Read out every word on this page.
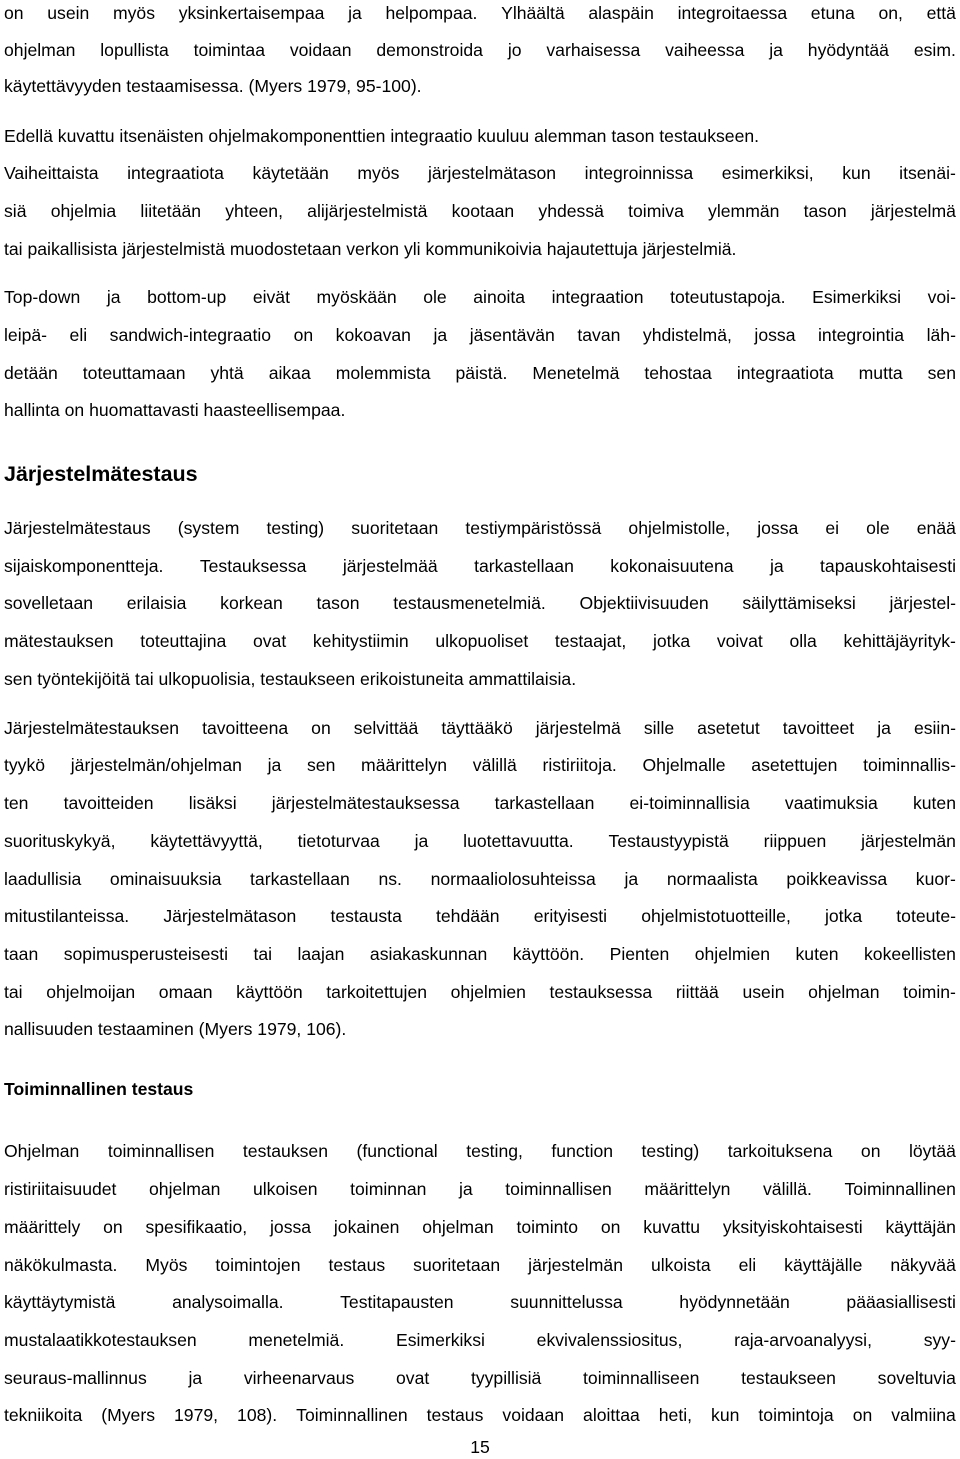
on usein myös yksinkertaisempaa ja helpompaa. Ylhäältä alaspäin integroitaessa etuna on, että
ohjelman lopullista toimintaa voidaan demonstroida jo varhaisessa vaiheessa ja hyödyntää esim.
käytettävyyden testaamisessa. (Myers 1979, 95-100).
Edellä kuvattu itsenäisten ohjelmakomponenttien integraatio kuuluu alemman tason testaukseen.
Vaiheittaista integraatiota käytetään myös järjestelmätason integroinnissa esimerkiksi, kun itsenäi-
siä ohjelmia liitetään yhteen, alijärjestelmistä kootaan yhdessä toimiva ylemmän tason järjestelmä
tai paikallisista järjestelmistä muodostetaan verkon yli kommunikoivia hajautettuja järjestelmiä.
Top-down ja bottom-up eivät myöskään ole ainoita integraation toteutustapoja. Esimerkiksi voi-
leipä- eli sandwich-integraatio on kokoavan ja jäsentävän tavan yhdistelmä, jossa integrointia läh-
detään toteuttamaan yhtä aikaa molemmista päistä. Menetelmä tehostaa integraatiota mutta sen
hallinta on huomattavasti haasteellisempaa.
Järjestelmätestaus
Järjestelmätestaus (system testing) suoritetaan testiympäristössä ohjelmistolle, jossa ei ole enää
sijaiskomponentteja. Testauksessa järjestelmää tarkastellaan kokonaisuutena ja tapauskohtaisesti
sovelletaan erilaisia korkean tason testausmenetelmiä. Objektiivisuuden säilyttämiseksi järjestel-
mätestauksen toteuttajina ovat kehitystiimin ulkopuoliset testaajat, jotka voivat olla kehittäjäyrityk-
sen työntekijöitä tai ulkopuolisia, testaukseen erikoistuneita ammattilaisia.
Järjestelmätestauksen tavoitteena on selvittää täyttääkö järjestelmä sille asetetut tavoitteet ja esiin-
tyykö järjestelmän/ohjelman ja sen määrittelyn välillä ristiriitoja. Ohjelmalle asetettujen toiminnallis-
ten tavoitteiden lisäksi järjestelmätestauksessa tarkastellaan ei-toiminnallisia vaatimuksia kuten
suorituskykyä, käytettävyyttä, tietoturvaa ja luotettavuutta. Testaustyypistä riippuen järjestelmän
laadullisia ominaisuuksia tarkastellaan ns. normaaliolosuhteissa ja normaalista poikkeavissa kuor-
mitustilanteissa. Järjestelmätason testausta tehdään erityisesti ohjelmistotuotteille, jotka toteute-
taan sopimusperusteisesti tai laajan asiakaskunnan käyttöön. Pienten ohjelmien kuten kokeellisten
tai ohjelmoijan omaan käyttöön tarkoitettujen ohjelmien testauksessa riittää usein ohjelman toimin-
nallisuuden testaaminen (Myers 1979, 106).
Toiminnallinen testaus
Ohjelman toiminnallisen testauksen (functional testing, function testing) tarkoituksena on löytää
ristiriitaisuudet ohjelman ulkoisen toiminnan ja toiminnallisen määrittelyn välillä. Toiminnallinen
määrittely on spesifikaatio, jossa jokainen ohjelman toiminto on kuvattu yksityiskohtaisesti käyttäjän
näkökulmasta. Myös toimintojen testaus suoritetaan järjestelmän ulkoista eli käyttäjälle näkyvää
käyttäytymistä	analysoimalla.	Testitapausten	suunnittelussa	hyödynnetään	pääasiallisesti
mustalaatikkotestauksen	menetelmiä.	Esimerkiksi	ekvivalenssiositus,	raja-arvoanalyysi,	syy-
seuraus-mallinnus ja virheenarvaus ovat tyypillisiä toiminnalliseen testaukseen soveltuvia
tekniikoita (Myers 1979, 108). Toiminnallinen testaus voidaan aloittaa heti, kun toimintoja on valmiina
15
